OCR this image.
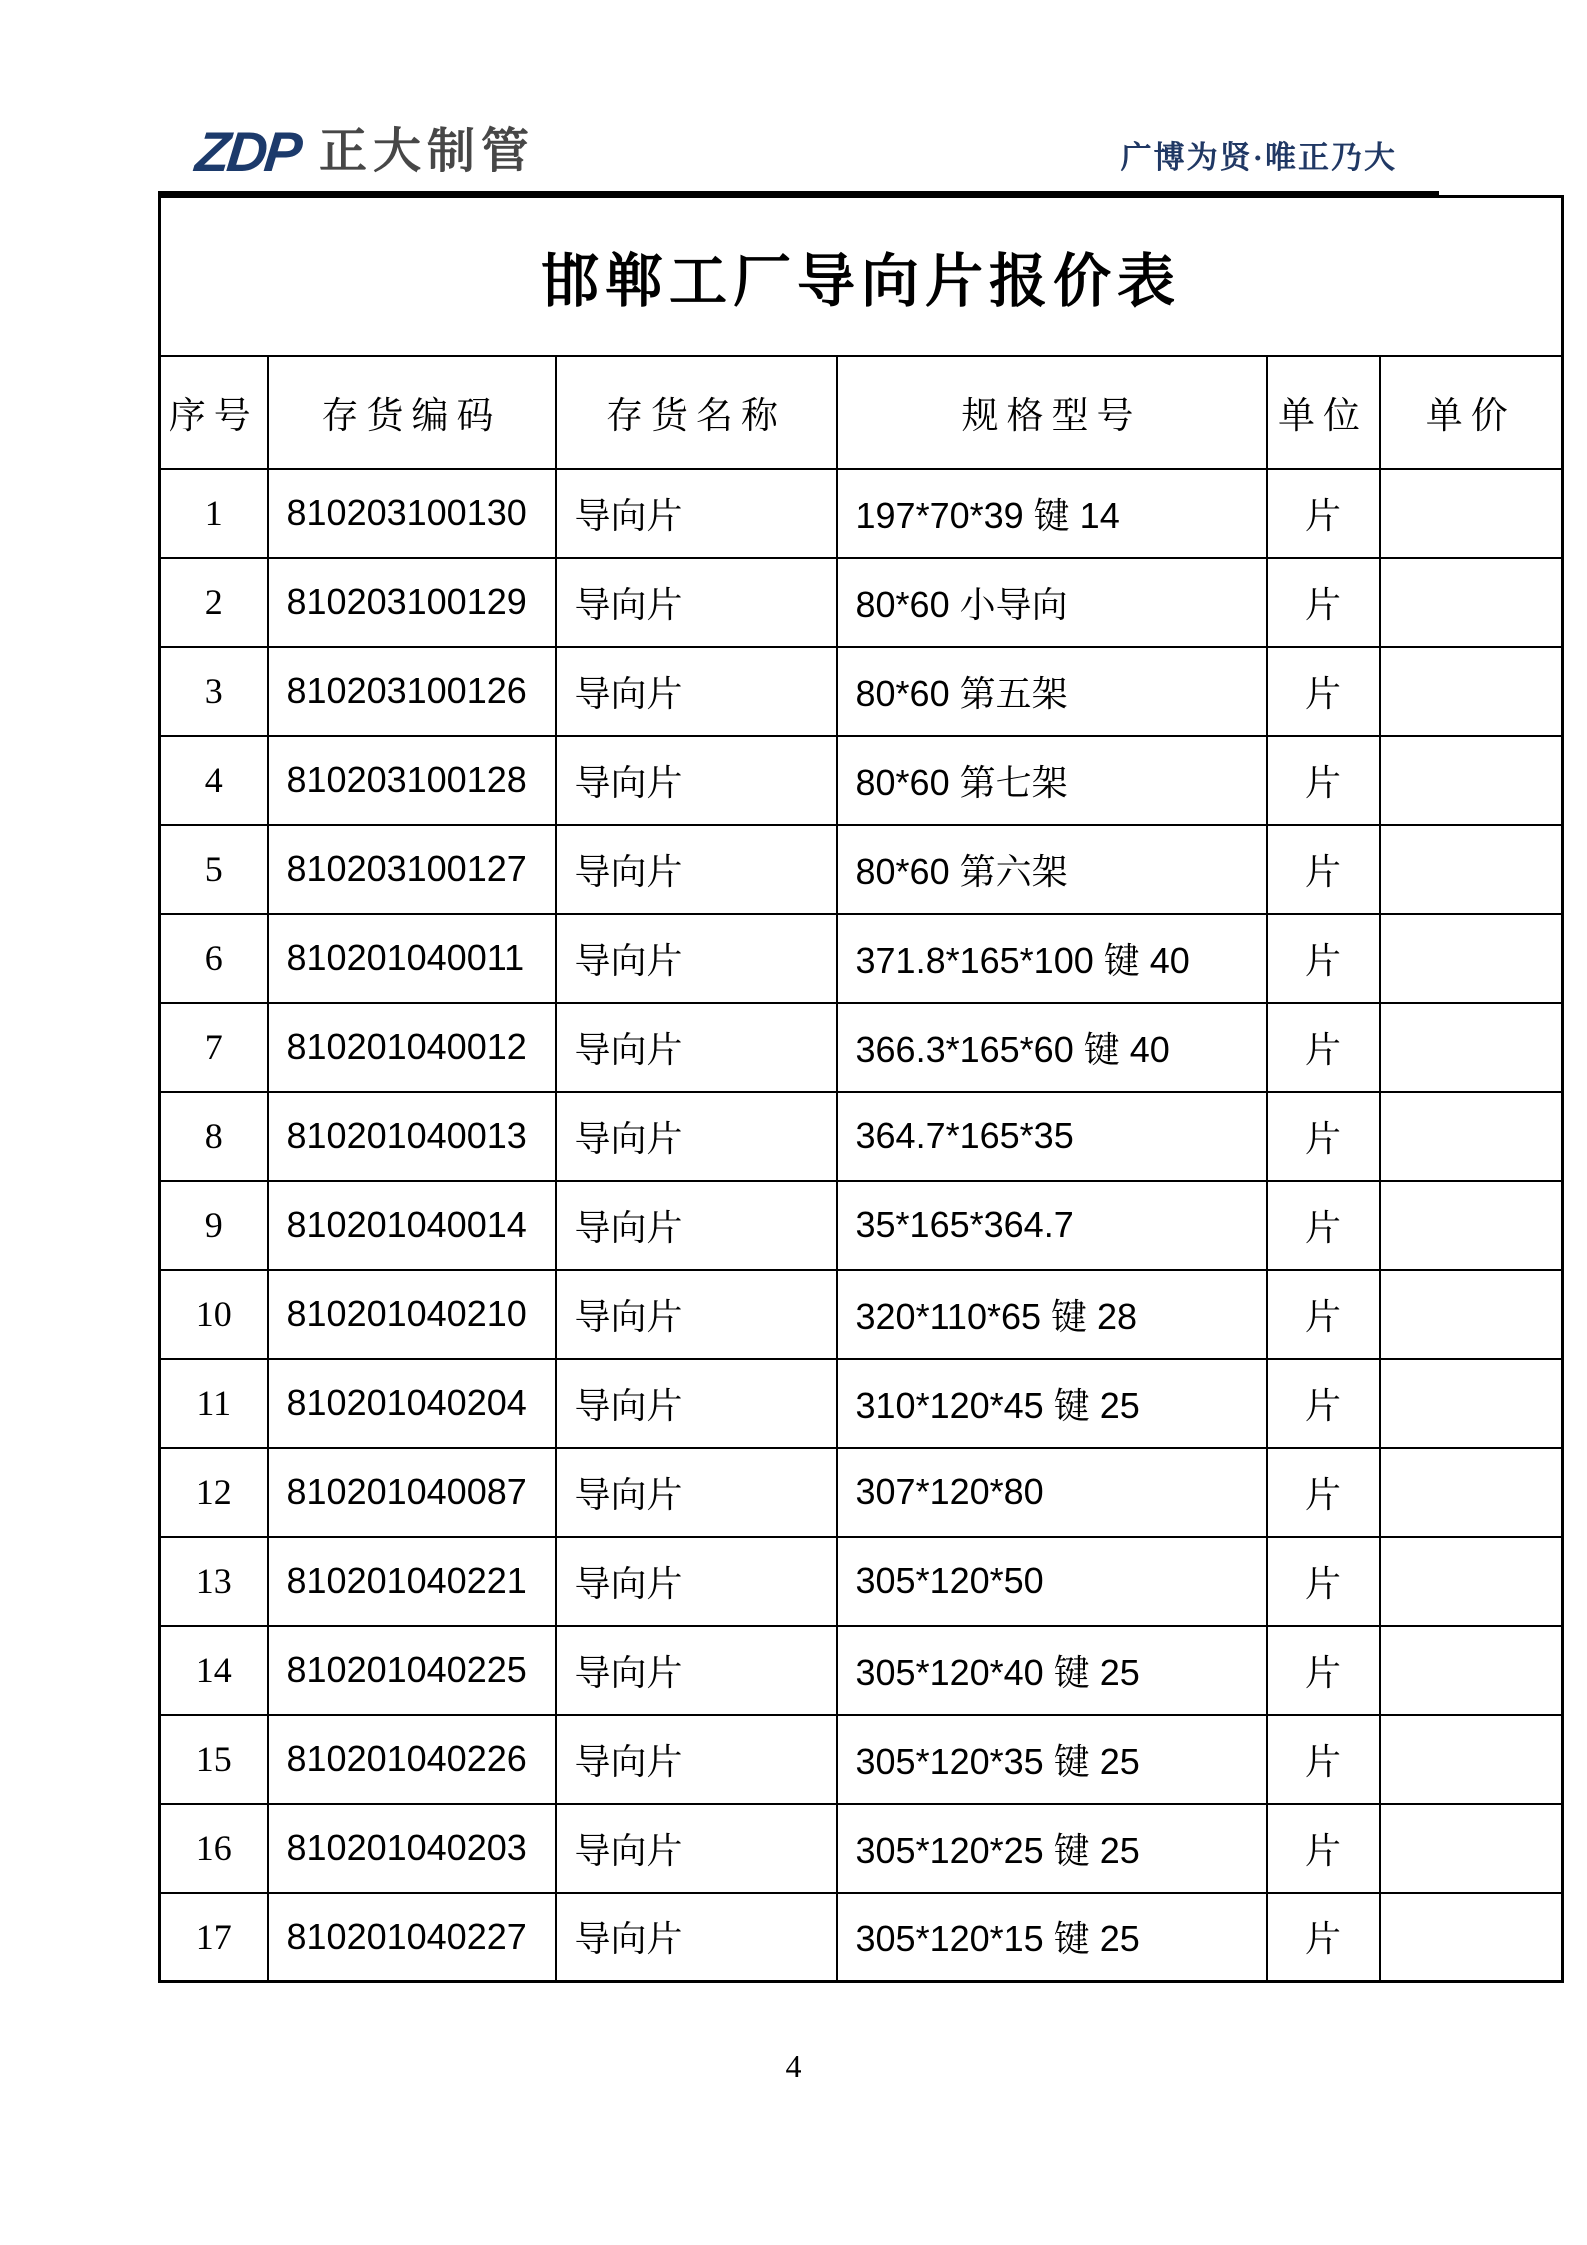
ZDP 正大制管	广博为贤·唯正乃大
邯郸工厂导向片报价表					
序号	存货编码	存货名称	规格型号	单位	单价
1	810203100130	导向片	197*70*39 键 14	片	
2	810203100129	导向片	80*60 小导向	片	
3	810203100126	导向片	80*60 第五架	片	
4	810203100128	导向片	80*60 第七架	片	
5	810203100127	导向片	80*60 第六架	片	
6	810201040011	导向片	371.8*165*100 键 40	片	
7	810201040012	导向片	366.3*165*60 键 40	片	
8	810201040013	导向片	364.7*165*35	片	
9	810201040014	导向片	35*165*364.7	片	
10	810201040210	导向片	320*110*65 键 28	片	
11	810201040204	导向片	310*120*45 键 25	片	
12	810201040087	导向片	307*120*80	片	
13	810201040221	导向片	305*120*50	片	
14	810201040225	导向片	305*120*40 键 25	片	
15	810201040226	导向片	305*120*35 键 25	片	
16	810201040203	导向片	305*120*25 键 25	片	
17	810201040227	导向片	305*120*15 键 25	片	
4
